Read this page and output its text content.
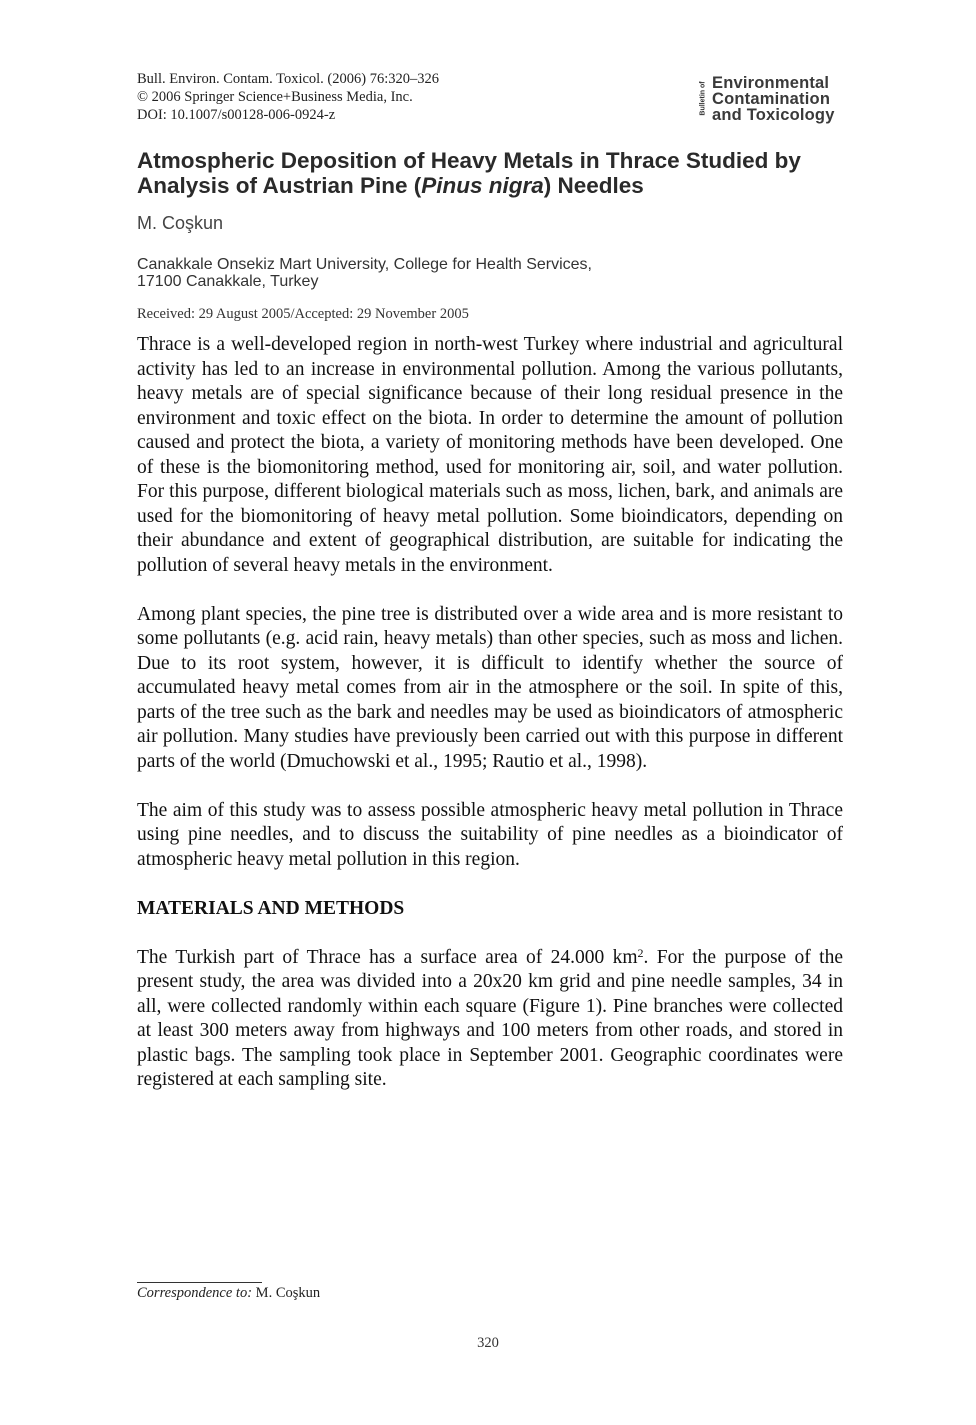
Bull. Environ. Contam. Toxicol. (2006) 76:320–326
© 2006 Springer Science+Business Media, Inc.
DOI: 10.1007/s00128-006-0924-z	Bulletin of Environmental
Contamination
and Toxicology
Atmospheric Deposition of Heavy Metals in Thrace Studied by Analysis of Austrian Pine (Pinus nigra) Needles
M. Coşkun
Canakkale Onsekiz Mart University, College for Health Services,
17100 Canakkale, Turkey
Received: 29 August 2005/Accepted: 29 November 2005

Thrace is a well-developed region in north-west Turkey where industrial and agricultural activity has led to an increase in environmental pollution. Among the various pollutants, heavy metals are of special significance because of their long residual presence in the environment and toxic effect on the biota. In order to determine the amount of pollution caused and protect the biota, a variety of monitoring methods have been developed. One of these is the biomonitoring method, used for monitoring air, soil, and water pollution. For this purpose, different biological materials such as moss, lichen, bark, and animals are used for the biomonitoring of heavy metal pollution. Some bioindicators, depending on their abundance and extent of geographical distribution, are suitable for indicating the pollution of several heavy metals in the environment.

Among plant species, the pine tree is distributed over a wide area and is more resistant to some pollutants (e.g. acid rain, heavy metals) than other species, such as moss and lichen. Due to its root system, however, it is difficult to identify whether the source of accumulated heavy metal comes from air in the atmosphere or the soil. In spite of this, parts of the tree such as the bark and needles may be used as bioindicators of atmospheric air pollution. Many studies have previously been carried out with this purpose in different parts of the world (Dmuchowski et al., 1995; Rautio et al., 1998).

The aim of this study was to assess possible atmospheric heavy metal pollution in Thrace using pine needles, and to discuss the suitability of pine needles as a bioindicator of atmospheric heavy metal pollution in this region.

MATERIALS AND METHODS

The Turkish part of Thrace has a surface area of 24.000 $km^2$. For the purpose of the present study, the area was divided into a 20x20 km grid and pine needle samples, 34 in all, were collected randomly within each square (Figure 1). Pine branches were collected at least 300 meters away from highways and 100 meters from other roads, and stored in plastic bags. The sampling took place in September 2001. Geographic coordinates were registered at each sampling site.

Correspondence to: M. Coşkun
320
